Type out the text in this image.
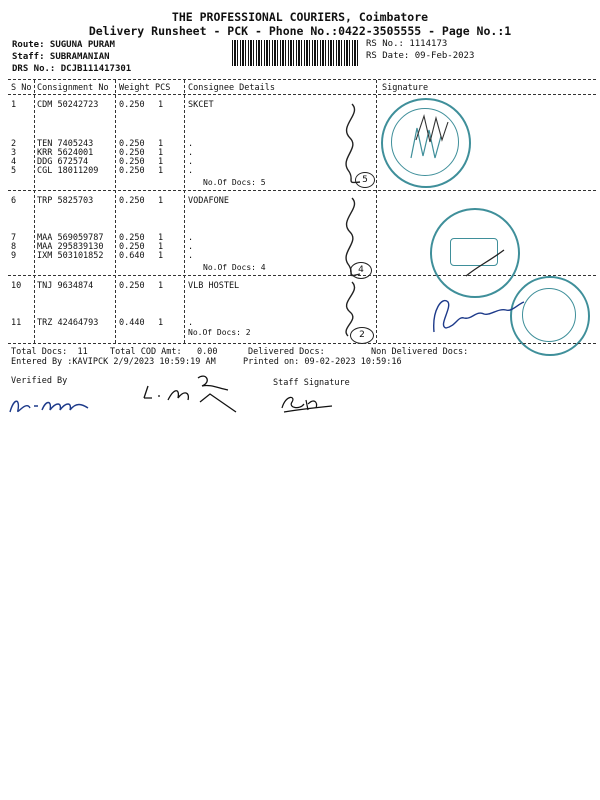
THE PROFESSIONAL COURIERS, Coimbatore
Delivery Runsheet - PCK - Phone No.:0422-3505555 - Page No.:1
Route: SUGUNA PURAM
Staff: SUBRAMANIAN
DRS No.: DCJB111417301
RS No.: 1114173
RS Date: 09-Feb-2023
S No Consignment No Weight PCS Consignee Details	Signature
1 CDM 50242723 0.250 1	SKCET
2 TEN 7405243	0.250 1	.
3 KRR 5624001	0.250 1	.
4 DDG 672574	0.250 1	.
5 CGL 18011209 0.250 1	.
No.Of Docs: 5
6 TRP 5825703	0.250 1	VODAFONE
7 MAA 569059787 0.250 1	.
8 MAA 295839130 0.250 1	.
9 IXM 503101852 0.640 1	.
No.Of Docs: 4
10 TNJ 9634874	0.250 1	VLB HOSTEL
11 TRZ 42464793 0.440 1	.
No.Of Docs: 2
5
4
2
Total Docs:  11	Total COD Amt:   0.00	Delivered Docs:	Non Delivered Docs:
Entered By :KAVIPCK 2/9/2023 10:59:19 AM	Printed on: 09-02-2023 10:59:16
Verified By	Staff Signature
